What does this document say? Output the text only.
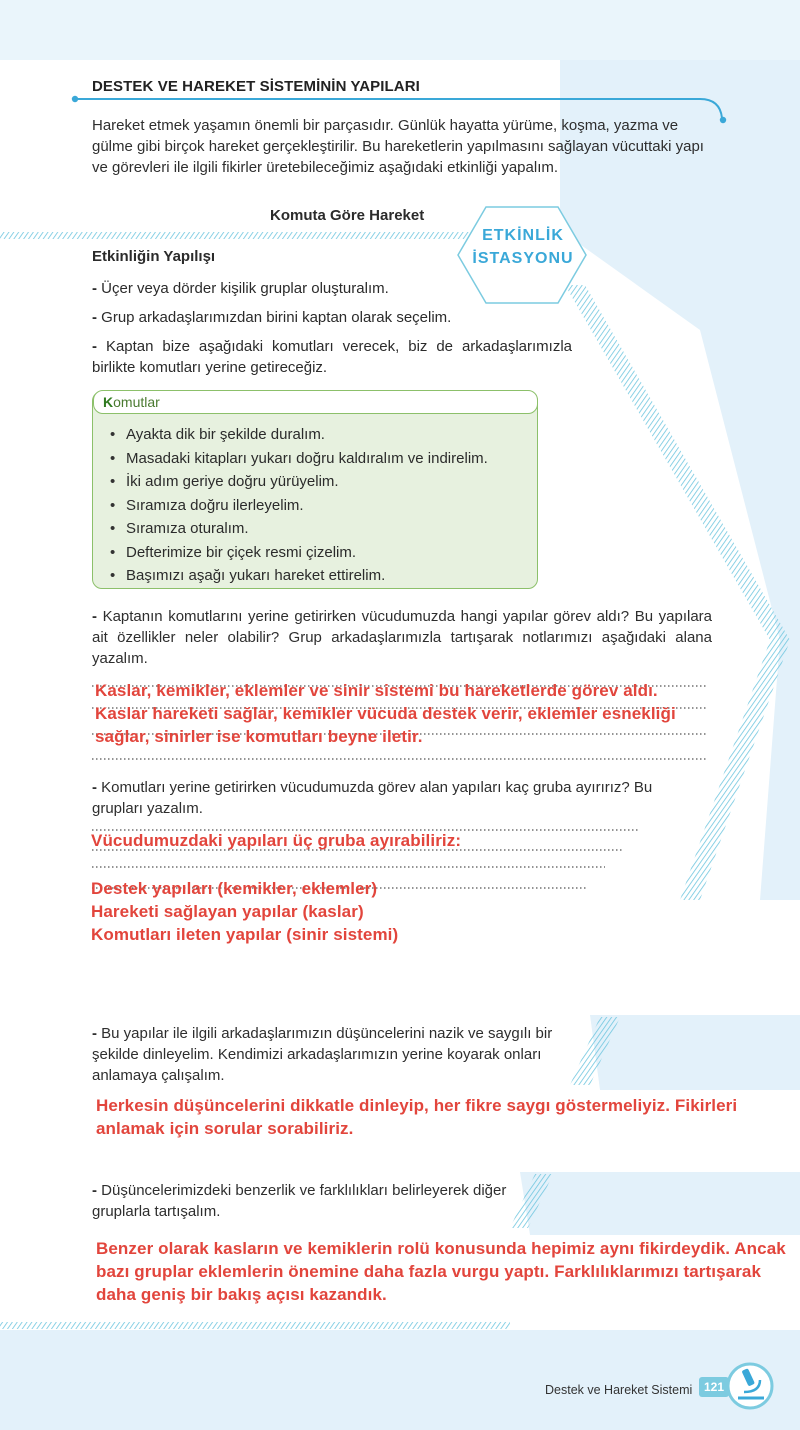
DESTEK VE HAREKET SİSTEMİNİN YAPILARI
Hareket etmek yaşamın önemli bir parçasıdır. Günlük hayatta yürüme, koşma, yazma ve gülme gibi birçok hareket gerçekleştirilir. Bu hareketlerin yapılmasını sağlayan vücuttaki yapı ve görevleri ile ilgili fikirler üretebileceğimiz aşağıdaki etkinliği yapalım.
Komuta Göre Hareket
ETKİNLİK
İSTASYONU
Etkinliğin Yapılışı
- Üçer veya dörder kişilik gruplar oluşturalım.
- Grup arkadaşlarımızdan birini kaptan olarak seçelim.
- Kaptan bize aşağıdaki komutları verecek, biz de arkadaşlarımızla birlikte komutları yerine getireceğiz.
Komutlar
• Ayakta dik bir şekilde duralım.
• Masadaki kitapları yukarı doğru kaldıralım ve indirelim.
• İki adım geriye doğru yürüyelim.
• Sıramıza doğru ilerleyelim.
• Sıramıza oturalım.
• Defterimize bir çiçek resmi çizelim.
• Başımızı aşağı yukarı hareket ettirelim.
- Kaptanın komutlarını yerine getirirken vücudumuzda hangi yapılar görev aldı? Bu yapılara ait özellikler neler olabilir? Grup arkadaşlarımızla tartışarak notlarımızı aşağıdaki alana yazalım.
Kaslar, kemikler, eklemler ve sinir sistemi bu hareketlerde görev aldı. Kaslar hareketi sağlar, kemikler vücuda destek verir, eklemler esnekliği sağlar, sinirler ise komutları beyne iletir.
- Komutları yerine getirirken vücudumuzda görev alan yapıları kaç gruba ayırırız? Bu grupları yazalım.
Vücudumuzdaki yapıları üç gruba ayırabiliriz:
Destek yapıları (kemikler, eklemler)
Hareketi sağlayan yapılar (kaslar)
Komutları ileten yapılar (sinir sistemi)
- Bu yapılar ile ilgili arkadaşlarımızın düşüncelerini nazik ve saygılı bir şekilde dinleyelim. Kendimizi arkadaşlarımızın yerine koyarak onları anlamaya çalışalım.
Herkesin düşüncelerini dikkatle dinleyip, her fikre saygı göstermeliyiz. Fikirleri anlamak için sorular sorabiliriz.
- Düşüncelerimizdeki benzerlik ve farklılıkları belirleyerek diğer gruplarla tartışalım.
Benzer olarak kasların ve kemiklerin rolü konusunda hepimiz aynı fikirdeydik. Ancak bazı gruplar eklemlerin önemine daha fazla vurgu yaptı. Farklılıklarımızı tartışarak daha geniş bir bakış açısı kazandık.
Destek ve Hareket Sistemi 121
